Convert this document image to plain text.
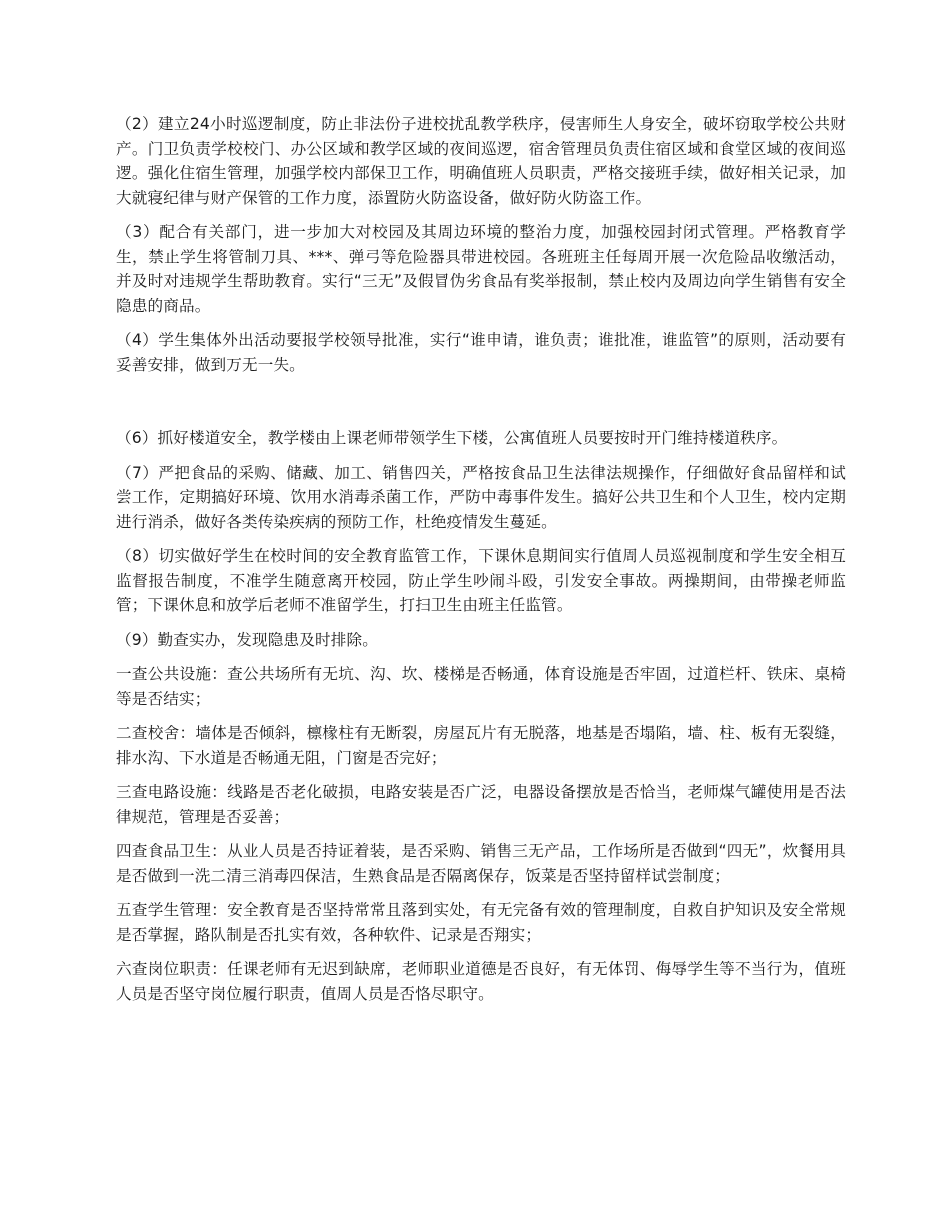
（2）建立24小时巡逻制度，防止非法份子进校扰乱教学秩序，侵害师生人身安全，破坏窃取学校公共财产。门卫负责学校校门、办公区域和教学区域的夜间巡逻，宿舍管理员负责住宿区域和食堂区域的夜间巡逻。强化住宿生管理，加强学校内部保卫工作，明确值班人员职责，严格交接班手续，做好相关记录，加大就寝纪律与财产保管的工作力度，添置防火防盗设备，做好防火防盗工作。

（3）配合有关部门，进一步加大对校园及其周边环境的整治力度，加强校园封闭式管理。严格教育学生，禁止学生将管制刀具、***、弹弓等危险器具带进校园。各班班主任每周开展一次危险品收缴活动，并及时对违规学生帮助教育。实行“三无”及假冒伪劣食品有奖举报制，禁止校内及周边向学生销售有安全隐患的商品。

（4）学生集体外出活动要报学校领导批准，实行“谁申请，谁负责；谁批准，谁监管”的原则，活动要有妥善安排，做到万无一失。

（6）抓好楼道安全，教学楼由上课老师带领学生下楼，公寓值班人员要按时开门维持楼道秩序。

（7）严把食品的采购、储藏、加工、销售四关，严格按食品卫生法律法规操作，仔细做好食品留样和试尝工作，定期搞好环境、饮用水消毒杀菌工作，严防中毒事件发生。搞好公共卫生和个人卫生，校内定期进行消杀，做好各类传染疾病的预防工作，杜绝疫情发生蔓延。

（8）切实做好学生在校时间的安全教育监管工作，下课休息期间实行值周人员巡视制度和学生安全相互监督报告制度，不准学生随意离开校园，防止学生吵闹斗殴，引发安全事故。两操期间，由带操老师监管；下课休息和放学后老师不准留学生，打扫卫生由班主任监管。

（9）勤查实办，发现隐患及时排除。

一查公共设施：查公共场所有无坑、沟、坎、楼梯是否畅通，体育设施是否牢固，过道栏杆、铁床、桌椅等是否结实；

二查校舍：墙体是否倾斜，檩椽柱有无断裂，房屋瓦片有无脱落，地基是否塌陷，墙、柱、板有无裂缝，排水沟、下水道是否畅通无阻，门窗是否完好；

三查电路设施：线路是否老化破损，电路安装是否广泛，电器设备摆放是否恰当，老师煤气罐使用是否法律规范，管理是否妥善；

四查食品卫生：从业人员是否持证着装，是否采购、销售三无产品，工作场所是否做到“四无”，炊餐用具是否做到一洗二清三消毒四保洁，生熟食品是否隔离保存，饭菜是否坚持留样试尝制度；

五查学生管理：安全教育是否坚持常常且落到实处，有无完备有效的管理制度，自救自护知识及安全常规是否掌握，路队制是否扎实有效，各种软件、记录是否翔实；

六查岗位职责：任课老师有无迟到缺席，老师职业道德是否良好，有无体罚、侮辱学生等不当行为，值班人员是否坚守岗位履行职责，值周人员是否恪尽职守。
